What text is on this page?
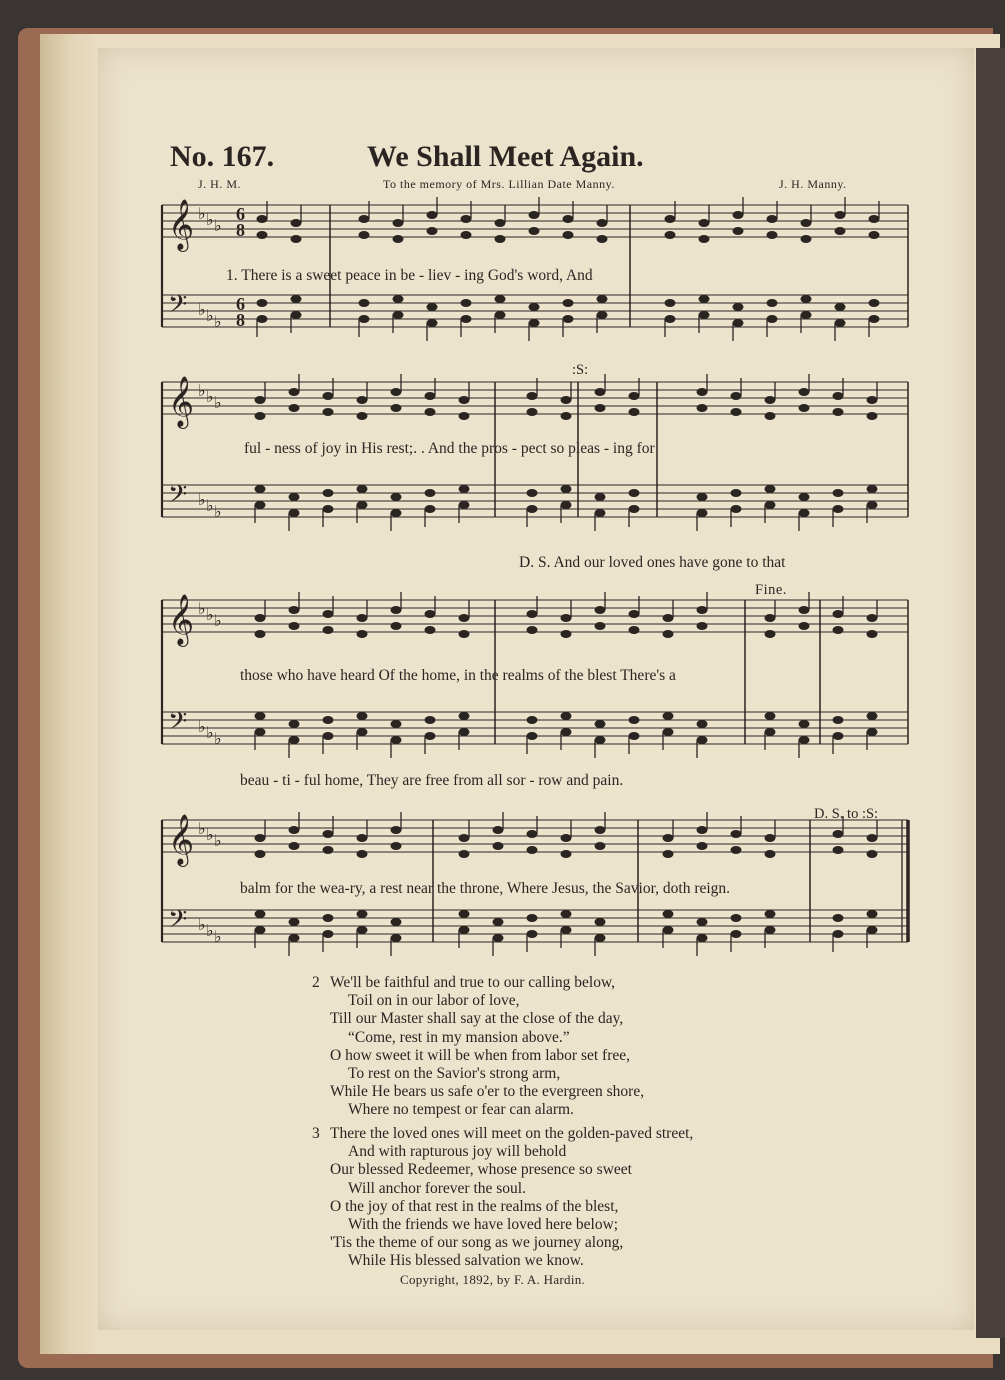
𝄞 ♭ ♭ ♭
𝄢 ♭ ♭ ♭
6
8
6
8
𝄞 ♭ ♭ ♭
𝄢 ♭ ♭ ♭
𝄞 ♭ ♭ ♭
𝄢 ♭ ♭ ♭
𝄞 ♭ ♭ ♭
𝄢 ♭ ♭ ♭
No. 167.	We Shall Meet Again.
J. H. M.	To the memory of Mrs. Lillian Date Manny.	J. H. Manny.
1. There is a sweet peace in be - liev - ing God's word, And
:S:
ful - ness of joy in His rest;. . And the pros - pect so pleas - ing for
D. S. And our loved ones have gone to that
Fine.
those who have heard Of the home, in the realms of the blest There's a
beau - ti - ful home, They are free from all sor - row and pain.
D. S. to :S:
balm for the wea-ry, a rest near the throne, Where Jesus, the Savior, doth reign.
We'll be faithful and true to our calling below,
2
Toil on in our labor of love,
Till our Master shall say at the close of the day,
“Come, rest in my mansion above.”
O how sweet it will be when from labor set free,
To rest on the Savior's strong arm,
While He bears us safe o'er to the evergreen shore,
Where no tempest or fear can alarm.
There the loved ones will meet on the golden-paved street,
3
And with rapturous joy will behold
Our blessed Redeemer, whose presence so sweet
Will anchor forever the soul.
O the joy of that rest in the realms of the blest,
With the friends we have loved here below;
'Tis the theme of our song as we journey along,
While His blessed salvation we know.
Copyright, 1892, by F. A. Hardin.
